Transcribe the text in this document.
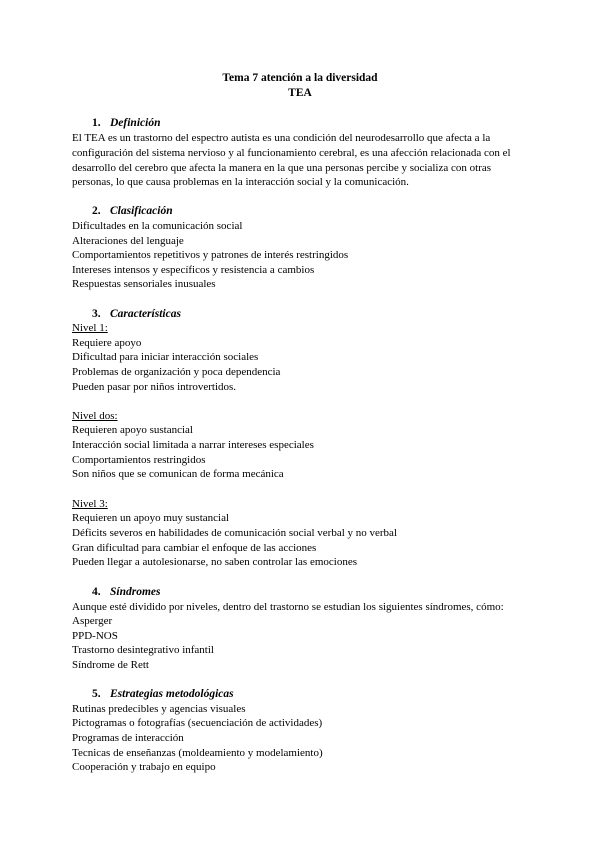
Tema 7 atención a la diversidad
TEA
1. Definición
El TEA es un trastorno del espectro autista es una condición del neurodesarrollo que afecta a la
configuración del sistema nervioso y al funcionamiento cerebral, es una afección relacionada con el
desarrollo del cerebro que afecta la manera en la que una personas percibe y socializa con otras
personas, lo que causa problemas en la interacción social y la comunicación.
2. Clasificación
Dificultades en la comunicación social
Alteraciones del lenguaje
Comportamientos repetitivos y patrones de interés restringidos
Intereses intensos y específicos y resistencia a cambios
Respuestas sensoriales inusuales
3. Características
Nivel 1:
Requiere apoyo
Dificultad para iniciar interacción sociales
Problemas de organización y poca dependencia
Pueden pasar por niños introvertidos.
Nivel dos:
Requieren apoyo sustancial
Interacción social limitada a narrar intereses especiales
Comportamientos restringidos
Son niños que se comunican de forma mecánica
Nivel 3:
Requieren un apoyo muy sustancial
Déficits severos en habilidades de comunicación social verbal y no verbal
Gran dificultad para cambiar el enfoque de las acciones
Pueden llegar a autolesionarse, no saben controlar las emociones
4. Síndromes
Aunque esté dividido por niveles, dentro del trastorno se estudian los siguientes síndromes, cómo:
Asperger
PPD-NOS
Trastorno desintegrativo infantil
Síndrome de Rett
5. Estrategias metodológicas
Rutinas predecibles y agencias visuales
Pictogramas o fotografías (secuenciación de actividades)
Programas de interacción
Tecnicas de enseñanzas (moldeamiento y modelamiento)
Cooperación y trabajo en equipo
